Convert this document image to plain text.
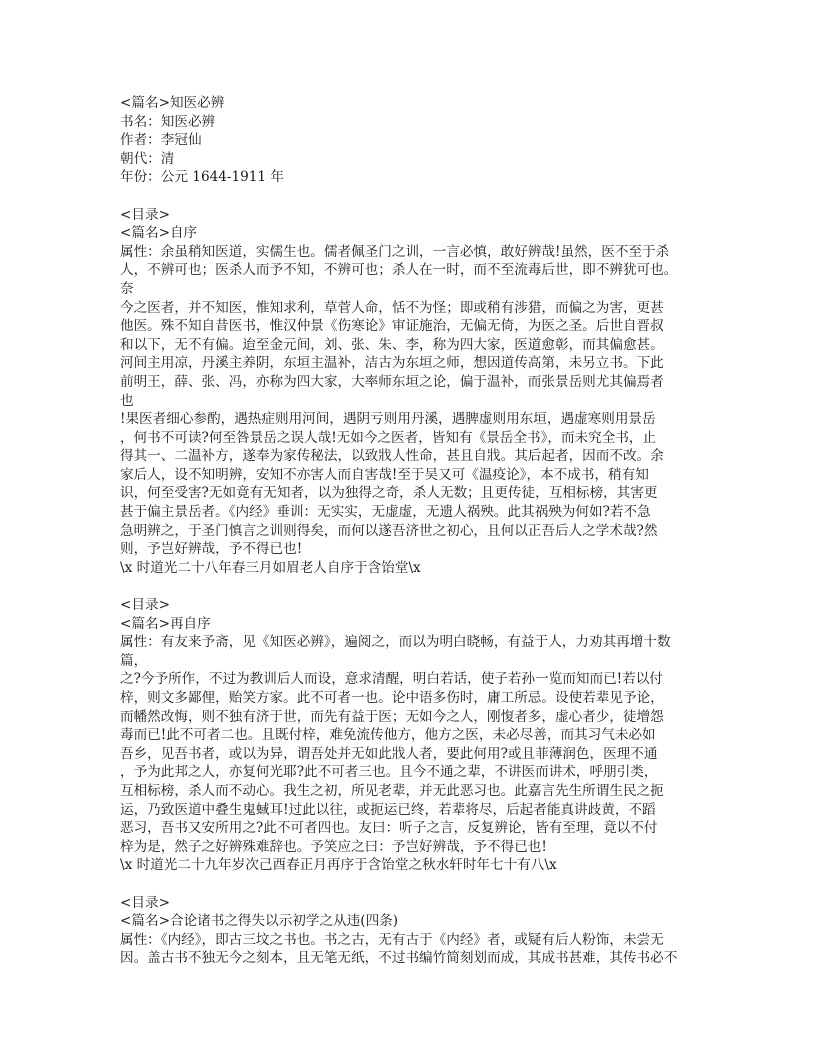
<篇名>知医必辨
书名：知医必辨
作者：李冠仙
朝代：清
年份：公元 1644-1911 年
<目录>
<篇名>自序
属性：余虽稍知医道，实儒生也。儒者佩圣门之训，一言必慎，敢好辨哉!虽然，医不至于杀
人，不辨可也；医杀人而予不知，不辨可也；杀人在一时，而不至流毒后世，即不辨犹可也。
奈
今之医者，并不知医，惟知求利，草菅人命，恬不为怪；即或稍有涉猎，而偏之为害，更甚
他医。殊不知自昔医书，惟汉仲景《伤寒论》审证施治，无偏无倚，为医之圣。后世自晋叔
和以下，无不有偏。迨至金元间，刘、张、朱、李，称为四大家，医道愈彰，而其偏愈甚。
河间主用凉，丹溪主养阴，东垣主温补，洁古为东垣之师，想因道传高第，未另立书。下此
前明王，薛、张、冯，亦称为四大家，大率师东垣之论，偏于温补，而张景岳则尤其偏焉者
也
!果医者细心参酌，遇热症则用河间，遇阴亏则用丹溪，遇脾虚则用东垣，遇虚寒则用景岳
，何书不可读?何至咎景岳之误人哉!无如今之医者，皆知有《景岳全书》，而未究全书，止
得其一、二温补方，遂奉为家传秘法，以致戕人性命，甚且自戕。其后起者，因而不改。余
家后人，设不知明辨，安知不亦害人而自害哉!至于吴又可《温疫论》，本不成书，稍有知
识，何至受害?无如竟有无知者，以为独得之奇，杀人无数；且更传徒，互相标榜，其害更
甚于偏主景岳者。《内经》垂训：无实实，无虚虚，无遗人祸殃。此其祸殃为何如?若不急
急明辨之，于圣门慎言之训则得矣，而何以遂吾济世之初心，且何以正吾后人之学术哉?然
则，予岂好辨哉，予不得已也!
\x 时道光二十八年春三月如眉老人自序于含饴堂\x
<目录>
<篇名>再自序
属性：有友来予斋，见《知医必辨》，遍阅之，而以为明白晓畅，有益于人，力劝其再增十数
篇，
之?今予所作，不过为教训后人而设，意求清醒，明白若话，使子若孙一览而知而已!若以付
梓，则文多鄙俚，贻笑方家。此不可者一也。论中语多伤时，庸工所忌。设使若辈见予论，
而幡然改悔，则不独有济于世，而先有益于医；无如今之人，刚愎者多，虚心者少，徒增怨
毒而已!此不可者二也。且既付梓，难免流传他方，他方之医，未必尽善，而其习气未必如
吾乡，见吾书者，或以为异，谓吾处并无如此戕人者，要此何用?或且菲薄润色，医理不通
，予为此邦之人，亦复何光耶?此不可者三也。且今不通之辈，不讲医而讲术，呼朋引类，
互相标榜，杀人而不动心。我生之初，所见老辈，并无此恶习也。此嘉言先生所谓生民之扼
运，乃致医道中叠生鬼蜮耳!过此以往，或扼运已终，若辈将尽，后起者能真讲歧黄，不蹈
恶习，吾书又安所用之?此不可者四也。友曰：听子之言，反复辨论，皆有至理，竟以不付
梓为是，然子之好辨殊难辞也。予笑应之曰：予岂好辨哉，予不得已也!
\x 时道光二十九年岁次己酉春正月再序于含饴堂之秋水轩时年七十有八\x
<目录>
<篇名>合论诸书之得失以示初学之从违(四条)
属性：《内经》，即古三坟之书也。书之古，无有古于《内经》者，或疑有后人粉饰，未尝无
因。盖古书不独无今之刻本，且无笔无纸，不过书编竹简刻划而成，其成书甚难，其传书必不
